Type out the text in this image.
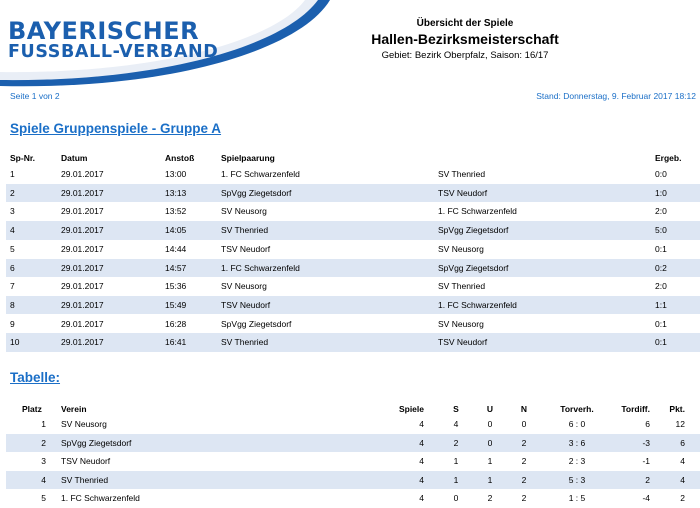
BAYERISCHER
FUSSBALL-VERBAND
Übersicht der Spiele
Hallen-Bezirksmeisterschaft
Gebiet: Bezirk Oberpfalz, Saison: 16/17
Seite 1 von 2	Stand: Donnerstag, 9. Februar 2017 18:12
Spiele Gruppenspiele - Gruppe A
Sp-Nr.	Datum	Anstoß	Spielpaarung	Ergeb.
1	29.01.2017	13:00	1. FC Schwarzenfeld	SV Thenried	0:0
2	29.01.2017	13:13	SpVgg Ziegetsdorf	TSV Neudorf	1:0
3	29.01.2017	13:52	SV Neusorg	1. FC Schwarzenfeld	2:0
4	29.01.2017	14:05	SV Thenried	SpVgg Ziegetsdorf	5:0
5	29.01.2017	14:44	TSV Neudorf	SV Neusorg	0:1
6	29.01.2017	14:57	1. FC Schwarzenfeld	SpVgg Ziegetsdorf	0:2
7	29.01.2017	15:36	SV Neusorg	SV Thenried	2:0
8	29.01.2017	15:49	TSV Neudorf	1. FC Schwarzenfeld	1:1
9	29.01.2017	16:28	SpVgg Ziegetsdorf	SV Neusorg	0:1
10	29.01.2017	16:41	SV Thenried	TSV Neudorf	0:1
Tabelle:
Platz Verein	Spiele	S	U	N	Torverh.	Tordiff.	Pkt.
1 SV Neusorg	4	4	0	0	6 : 0	6	12
2 SpVgg Ziegetsdorf	4	2	0	2	3 : 6	-3	6
3 TSV Neudorf	4	1	1	2	2 : 3	-1	4
4 SV Thenried	4	1	1	2	5 : 3	2	4
5 1. FC Schwarzenfeld	4	0	2	2	1 : 5	-4	2
